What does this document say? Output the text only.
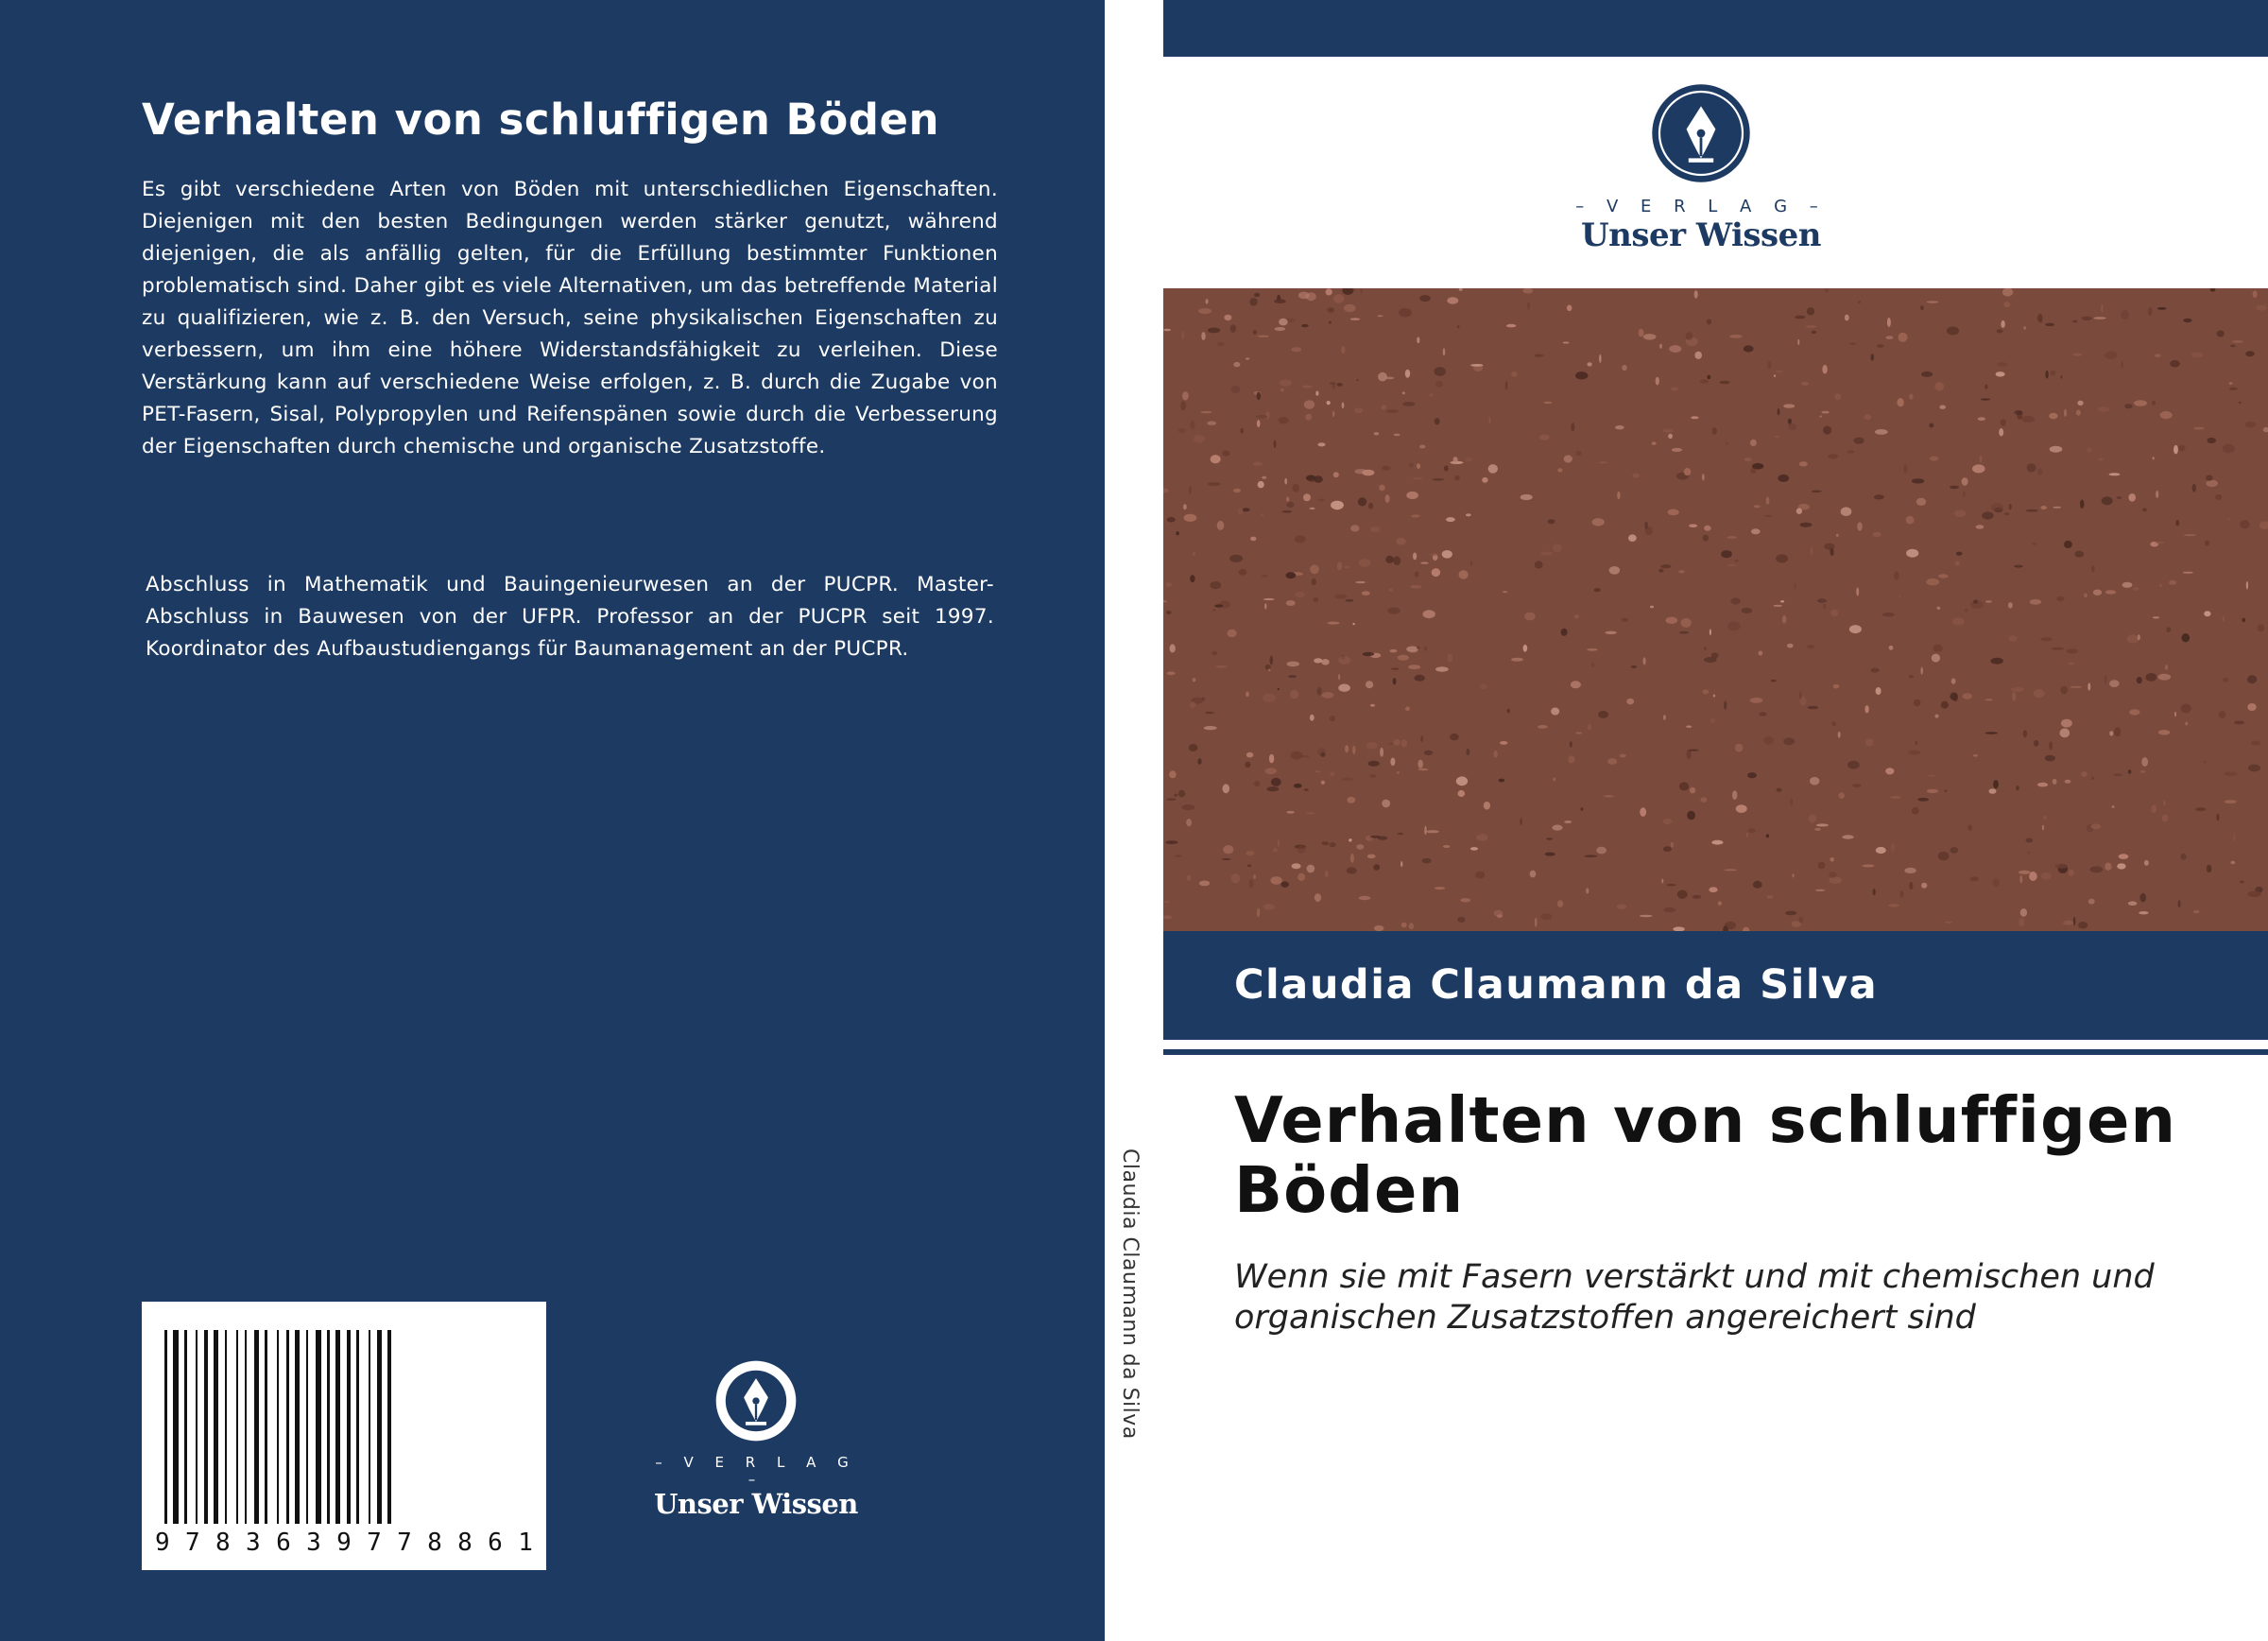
Verhalten von schluffigen Böden

Es gibt verschiedene Arten von Böden mit unterschiedlichen Eigenschaften. Diejenigen mit den besten Bedingungen werden stärker genutzt, während diejenigen, die als anfällig gelten, für die Erfüllung bestimmter Funktionen problematisch sind. Daher gibt es viele Alternativen, um das betreffende Material zu qualifizieren, wie z. B. den Versuch, seine physikalischen Eigenschaften zu verbessern, um ihm eine höhere Widerstandsfähigkeit zu verleihen. Diese Verstärkung kann auf verschiedene Weise erfolgen, z. B. durch die Zugabe von PET-Fasern, Sisal, Polypropylen und Reifenspänen sowie durch die Verbesserung der Eigenschaften durch chemische und organische Zusatzstoffe.

Abschluss in Mathematik und Bauingenieurwesen an der PUCPR. Master-Abschluss in Bauwesen von der UFPR. Professor an der PUCPR seit 1997. Koordinator des Aufbaustudiengangs für Baumanagement an der PUCPR.

9 7 8 3 6 3 9 7 7 8 8 6 1
– V E R L A G –
Unser Wissen
Claudia Claumann da Silva
– V E R L A G –
Unser Wissen
Claudia Claumann da Silva
Verhalten von schluffigen Böden

Wenn sie mit Fasern verstärkt und mit chemischen und organischen Zusatzstoffen angereichert sind
